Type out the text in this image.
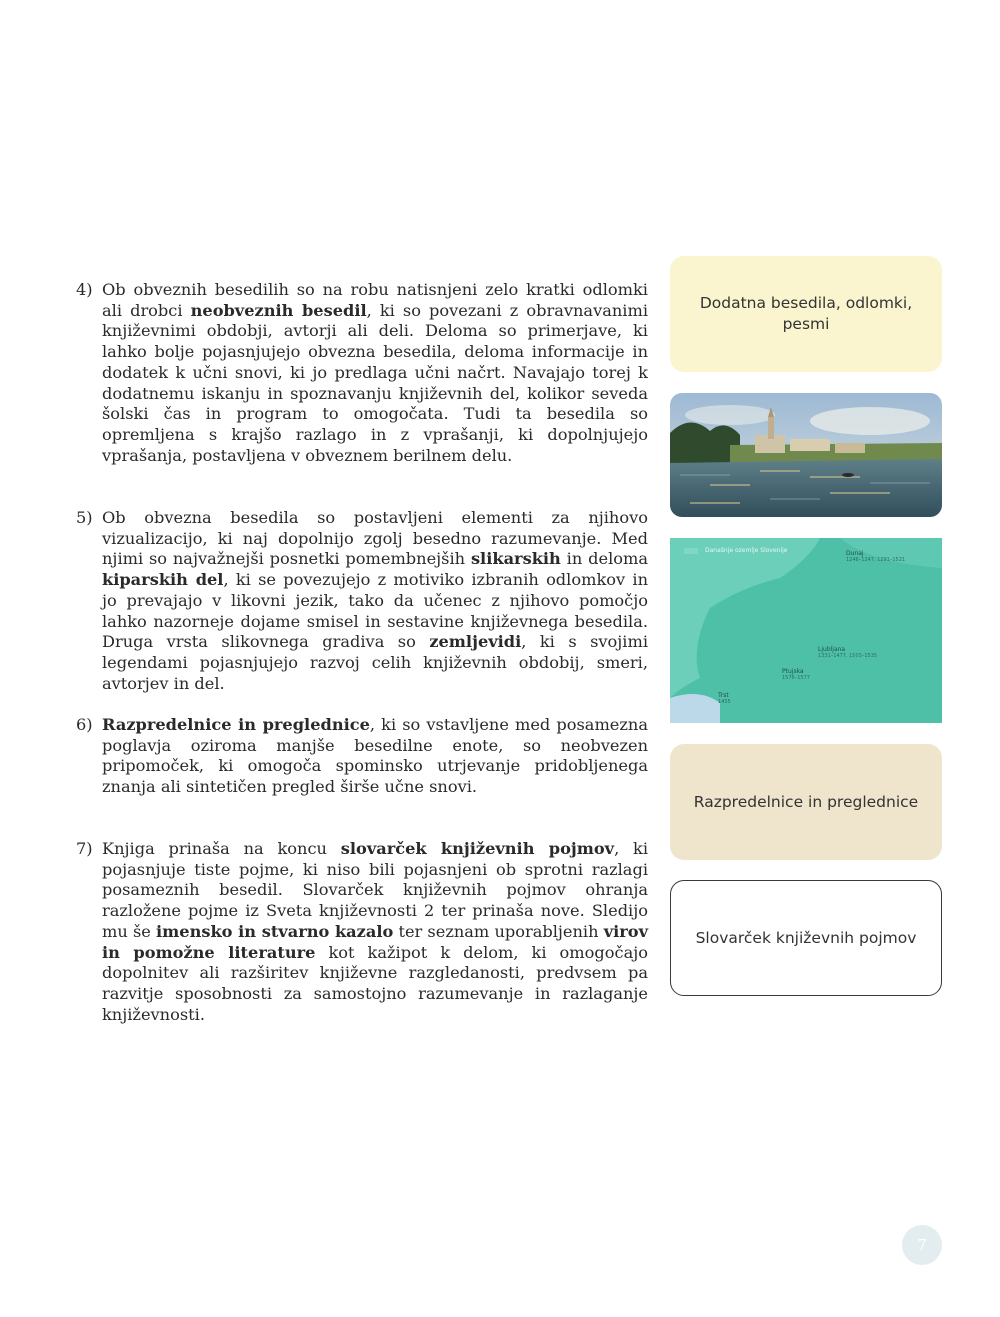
4) Ob obveznih besedilih so na robu natisnjeni zelo kratki odlomki ali drobci neobveznih besedil, ki so povezani z obravnavanimi književnimi obdobji, avtorji ali deli. Deloma so primerjave, ki lahko bolje pojasnjujejo obvezna besedila, deloma informacije in dodatek k učni snovi, ki jo predlaga učni načrt. Navajajo torej k dodatnemu iskanju in spoznavanju književnih del, kolikor seveda šolski čas in program to omogočata. Tudi ta besedila so opremljena s krajšo razlago in z vprašanji, ki dopolnjujejo vprašanja, postavljena v obveznem berilnem delu.
5) Ob obvezna besedila so postavljeni elementi za njihovo vizualizacijo, ki naj dopolnijo zgolj besedno razumevanje. Med njimi so najvažnejši posnetki pomembnejših slikarskih in deloma kiparskih del, ki se povezujejo z motiviko izbranih odlomkov in jo prevajajo v likovni jezik, tako da učenec z njihovo pomočjo lahko nazorneje dojame smisel in sestavine književnega besedila. Druga vrsta slikovnega gradiva so zemljevidi, ki s svojimi legendami pojasnjujejo razvoj celih književnih obdobij, smeri, avtorjev in del.
6) Razpredelnice in preglednice, ki so vstavljene med posamezna poglavja oziroma manjše besedilne enote, so neobvezen pripomoček, ki omogoča spominsko utrjevanje pridobljenega znanja ali sintetičen pregled širše učne snovi.
7) Knjiga prinaša na koncu slovarček književnih pojmov, ki pojasnjuje tiste pojme, ki niso bili pojasnjeni ob sprotni razlagi posameznih besedil. Slovarček književnih pojmov ohranja razložene pojme iz Sveta književnosti 2 ter prinaša nove. Sledijo mu še imensko in stvarno kazalo ter seznam uporabljenih virov in pomožne literature kot kažipot k delom, ki omogočajo dopolnitev ali razširitev književne razgledanosti, predvsem pa razvitje sposobnosti za samostojno razumevanje in razlaganje književnosti.
Dodatna besedila, odlomki, pesmi
Današnje ozemlje Slovenije	Dunaj
1246–1247, 1291–1521
Ljubljana
1331–1477, 1503–1535
Ptujska
1576–1577
Trst
1455
Razpredelnice in preglednice
Slovarček književnih pojmov
7
